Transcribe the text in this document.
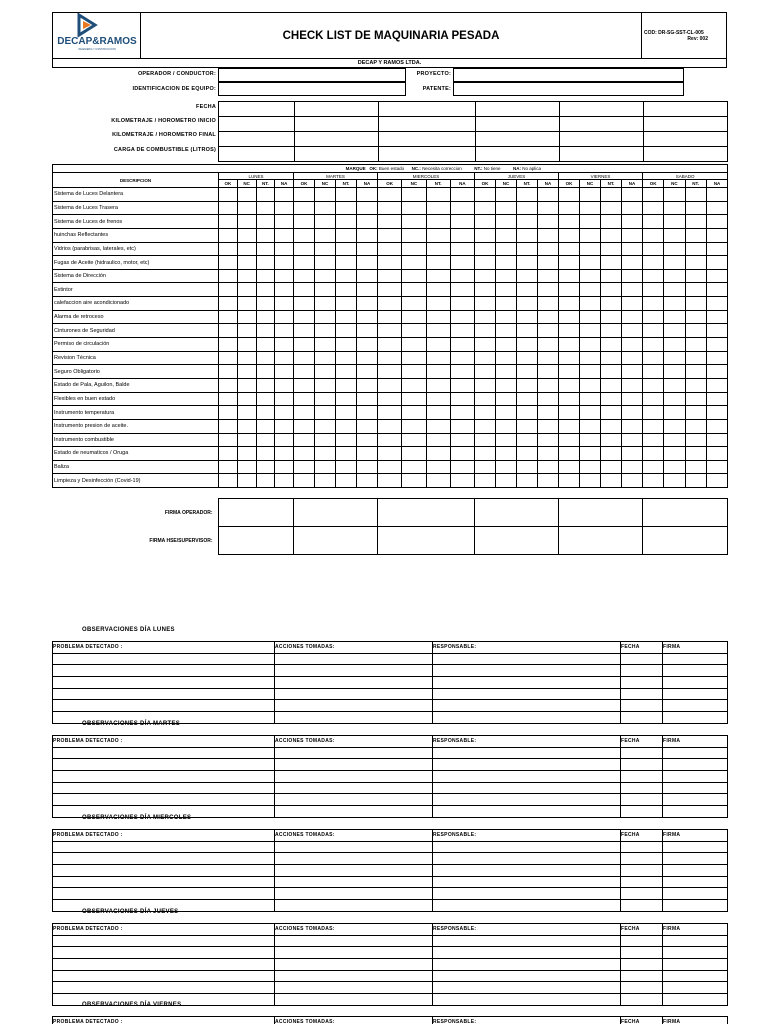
DECAP&RAMOS
INGENIERIA Y CONSTRUCCION
	CHECK LIST DE MAQUINARIA PESADA	COD: DR-SG-SST-CL-005
Rev: 002

DECAP Y RAMOS LTDA.
OPERADOR / CONDUCTOR:
IDENTIFICACION DE EQUIPO:
PROYECTO:
PATENTE:
FECHA
KILOMETRAJE / HOROMETRO INICIO
KILOMETRAJE / HOROMETRO FINAL
CARGA DE COMBUSTIBLE (LITROS)

MARQUE OK: Buen estado NC.: Necesita correccion NT.: No tiene NA: No aplica																								
DESCRIPCION	LUNES				MARTES				MIERCOLES				JUEVES				VIERNES				SABADO			
	OK	NC	NT.	NA	OK	NC	NT.	NA	OK	NC	NT.	NA	OK	NC	NT.	NA	OK	NC	NT.	NA	OK	NC	NT.	NA
Sistema de Luces Delantera																								
Sistema de Luces Trasera																								
Sistema de Luces de frenos																								
huinchas Reflectantes																								
Vidrios (parabrisas, laterales, etc)																								
Fugas de Aceite (hidraulico, motor, etc)																								
Sistema de Dirección																								
Extintor																								
calefaccion aire acondicionado																								
Alarma de retroceso																								
Cinturones de Seguridad																								
Permiso de circulación																								
Revision Técnica																								
Seguro Obligatorio																								
Estado de Pala, Aguilon, Balde																								
Flexibles en buen estado																								
Instrumento temperatura																								
Instrumento presion de aceite.																								
Instrumento combustible																								
Estado de neumaticos / Oruga																								
Baliza																								
Limpieza y Desinfección (Covid-19)																								
FIRMA OPERADOR:						
FIRMA HSE/SUPERVISOR:						
OBSERVACIONES DÍA LUNES
PROBLEMA DETECTADO :	ACCIONES TOMADAS:	RESPONSABLE:	FECHA	FIRMA

OBSERVACIONES DÍA MARTES
PROBLEMA DETECTADO :	ACCIONES TOMADAS:	RESPONSABLE:	FECHA	FIRMA

OBSERVACIONES DÍA MIERCOLES
PROBLEMA DETECTADO :	ACCIONES TOMADAS:	RESPONSABLE:	FECHA	FIRMA

OBSERVACIONES DÍA JUEVES
PROBLEMA DETECTADO :	ACCIONES TOMADAS:	RESPONSABLE:	FECHA	FIRMA

OBSERVACIONES DÍA VIERNES
PROBLEMA DETECTADO :	ACCIONES TOMADAS:	RESPONSABLE:	FECHA	FIRMA
